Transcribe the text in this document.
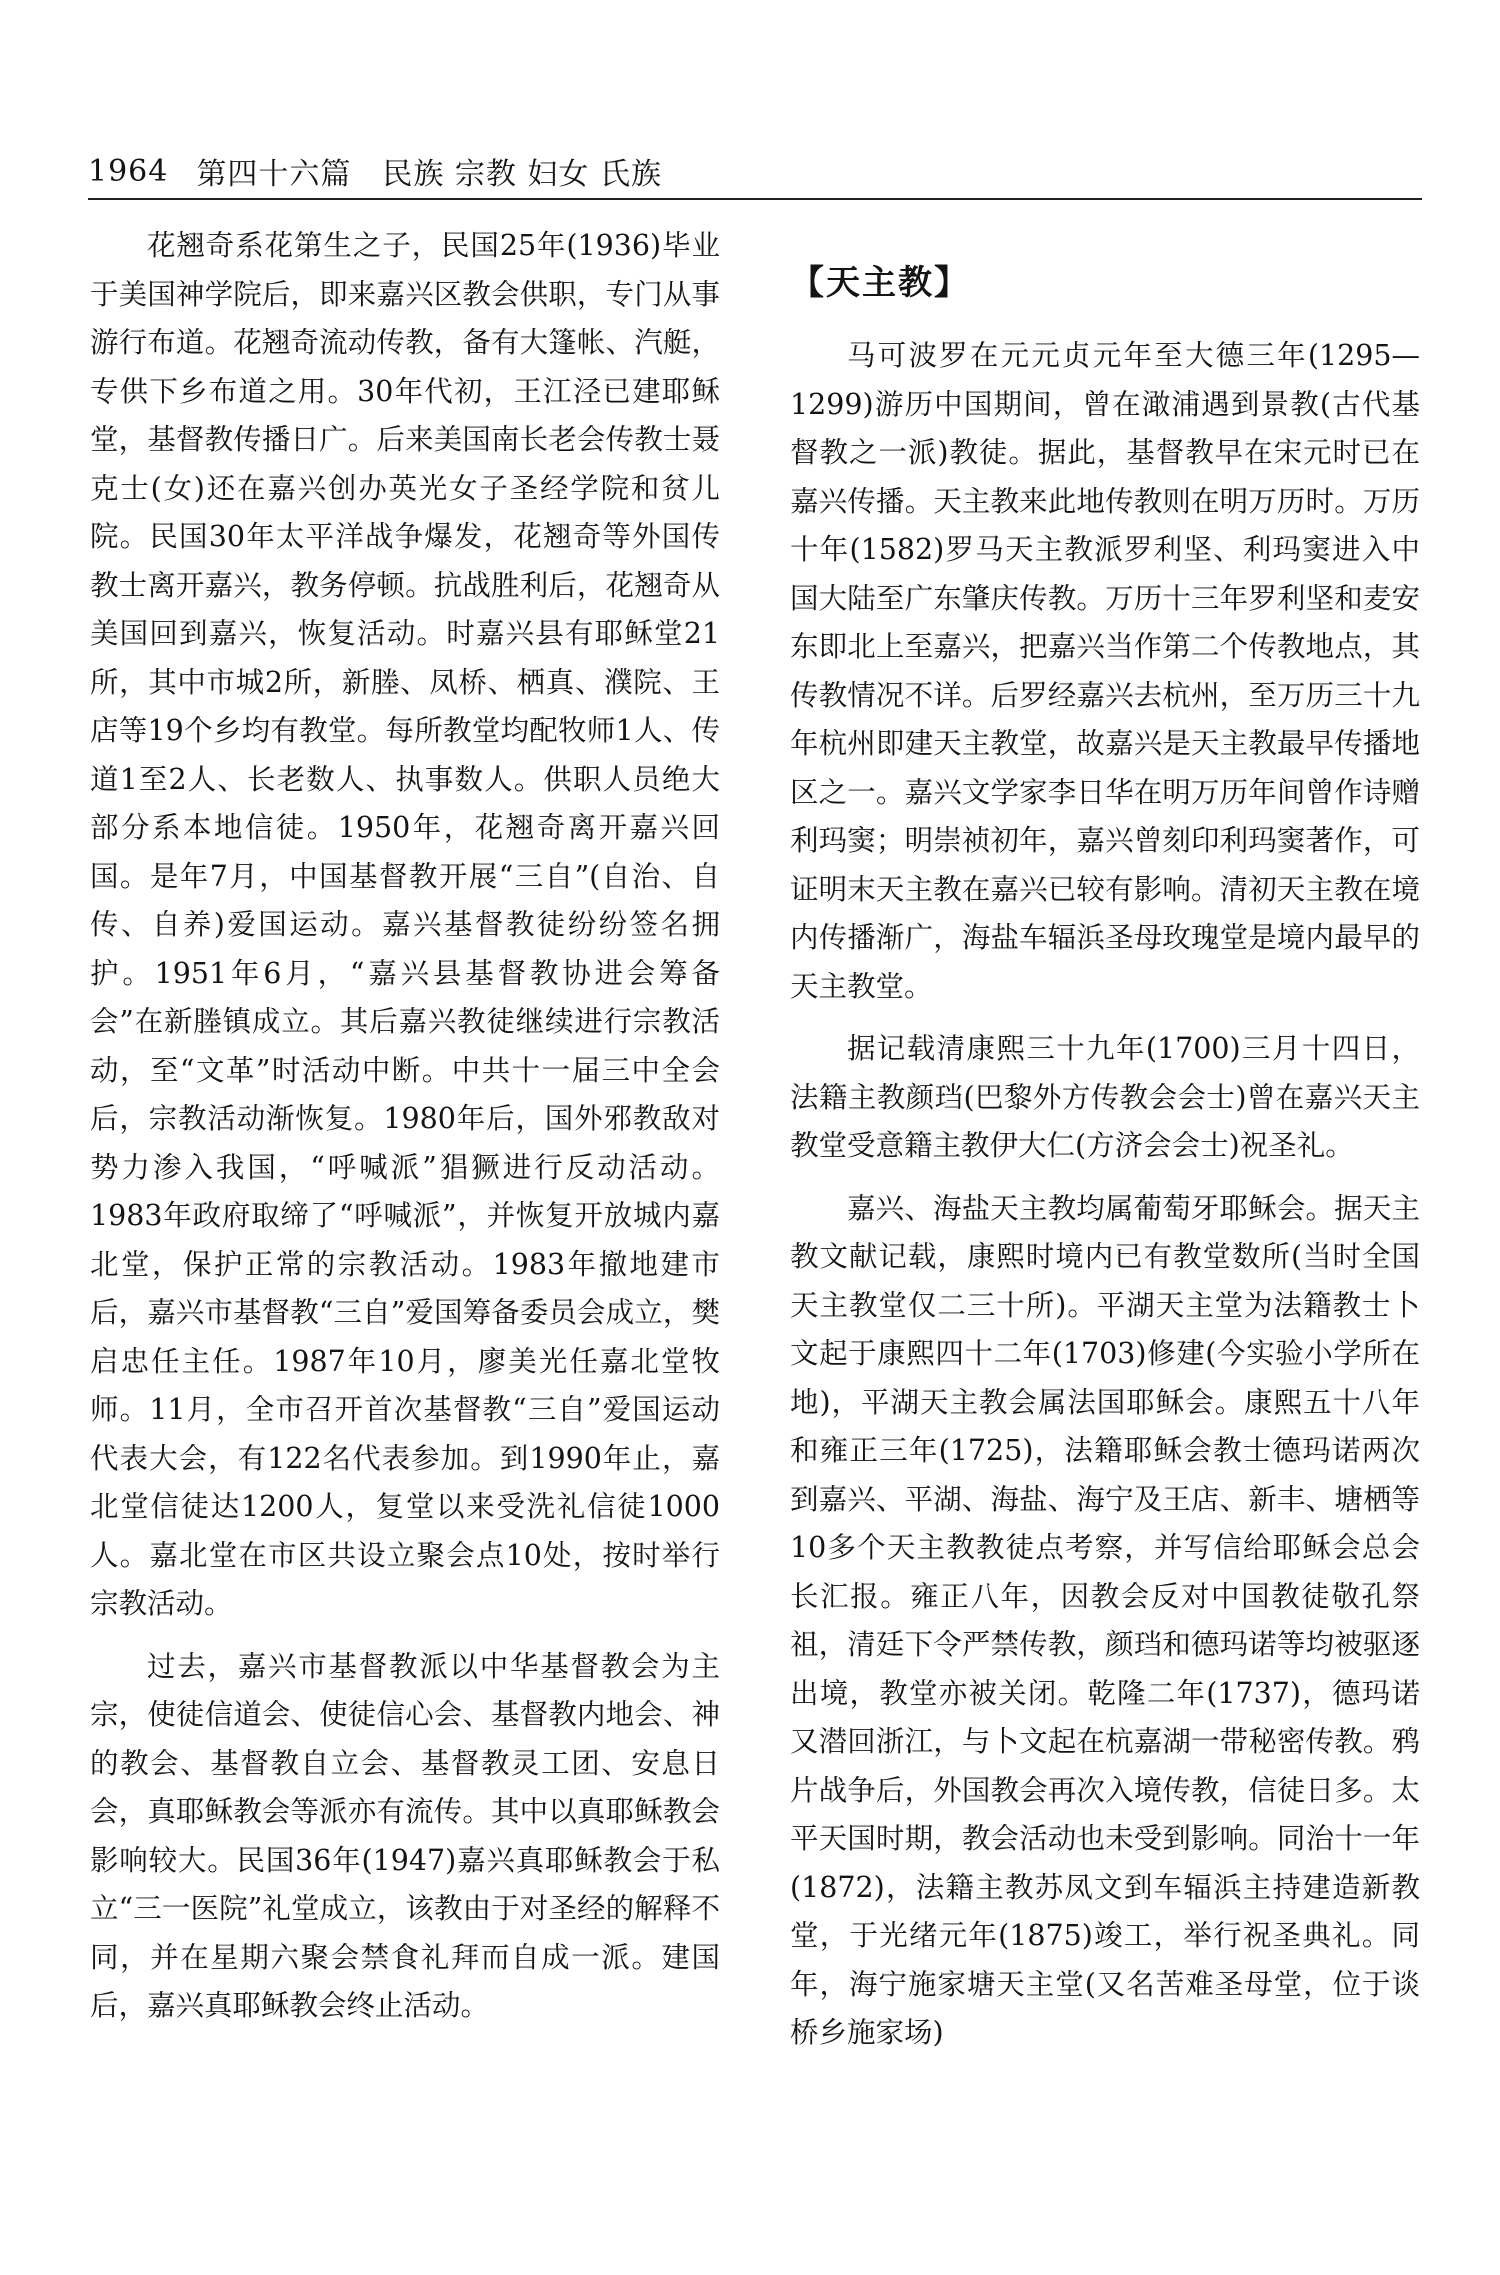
1964 第四十六篇　民族 宗教 妇女 氏族

花翘奇系花第生之子，民国25年(1936)毕业于美国神学院后，即来嘉兴区教会供职，专门从事游行布道。花翘奇流动传教，备有大篷帐、汽艇，专供下乡布道之用。30年代初，王江泾已建耶稣堂，基督教传播日广。后来美国南长老会传教士聂克士(女)还在嘉兴创办英光女子圣经学院和贫儿院。民国30年太平洋战争爆发，花翘奇等外国传教士离开嘉兴，教务停顿。抗战胜利后，花翘奇从美国回到嘉兴，恢复活动。时嘉兴县有耶稣堂21所，其中市城2所，新塍、凤桥、栖真、濮院、王店等19个乡均有教堂。每所教堂均配牧师1人、传道1至2人、长老数人、执事数人。供职人员绝大部分系本地信徒。1950年，花翘奇离开嘉兴回国。是年7月，中国基督教开展“三自”(自治、自传、自养)爱国运动。嘉兴基督教徒纷纷签名拥护。1951年6月，“嘉兴县基督教协进会筹备会”在新塍镇成立。其后嘉兴教徒继续进行宗教活动，至“文革”时活动中断。中共十一届三中全会后，宗教活动渐恢复。1980年后，国外邪教敌对势力渗入我国，“呼喊派”猖獗进行反动活动。1983年政府取缔了“呼喊派”，并恢复开放城内嘉北堂，保护正常的宗教活动。1983年撤地建市后，嘉兴市基督教“三自”爱国筹备委员会成立，樊启忠任主任。1987年10月，廖美光任嘉北堂牧师。11月，全市召开首次基督教“三自”爱国运动代表大会，有122名代表参加。到1990年止，嘉北堂信徒达1200人，复堂以来受洗礼信徒1000人。嘉北堂在市区共设立聚会点10处，按时举行宗教活动。

过去，嘉兴市基督教派以中华基督教会为主宗，使徒信道会、使徒信心会、基督教内地会、神的教会、基督教自立会、基督教灵工团、安息日会，真耶稣教会等派亦有流传。其中以真耶稣教会影响较大。民国36年(1947)嘉兴真耶稣教会于私立“三一医院”礼堂成立，该教由于对圣经的解释不同，并在星期六聚会禁食礼拜而自成一派。建国后，嘉兴真耶稣教会终止活动。

【天主教】

马可波罗在元元贞元年至大德三年(1295—1299)游历中国期间，曾在澉浦遇到景教(古代基督教之一派)教徒。据此，基督教早在宋元时已在嘉兴传播。天主教来此地传教则在明万历时。万历十年(1582)罗马天主教派罗利坚、利玛窦进入中国大陆至广东肇庆传教。万历十三年罗利坚和麦安东即北上至嘉兴，把嘉兴当作第二个传教地点，其传教情况不详。后罗经嘉兴去杭州，至万历三十九年杭州即建天主教堂，故嘉兴是天主教最早传播地区之一。嘉兴文学家李日华在明万历年间曾作诗赠利玛窦；明崇祯初年，嘉兴曾刻印利玛窦著作，可证明末天主教在嘉兴已较有影响。清初天主教在境内传播渐广，海盐车辐浜圣母玫瑰堂是境内最早的天主教堂。

据记载清康熙三十九年(1700)三月十四日，法籍主教颜珰(巴黎外方传教会会士)曾在嘉兴天主教堂受意籍主教伊大仁(方济会会士)祝圣礼。

嘉兴、海盐天主教均属葡萄牙耶稣会。据天主教文献记载，康熙时境内已有教堂数所(当时全国天主教堂仅二三十所)。平湖天主堂为法籍教士卜文起于康熙四十二年(1703)修建(今实验小学所在地)，平湖天主教会属法国耶稣会。康熙五十八年和雍正三年(1725)，法籍耶稣会教士德玛诺两次到嘉兴、平湖、海盐、海宁及王店、新丰、塘栖等10多个天主教教徒点考察，并写信给耶稣会总会长汇报。雍正八年，因教会反对中国教徒敬孔祭祖，清廷下令严禁传教，颜珰和德玛诺等均被驱逐出境，教堂亦被关闭。乾隆二年(1737)，德玛诺又潜回浙江，与卜文起在杭嘉湖一带秘密传教。鸦片战争后，外国教会再次入境传教，信徒日多。太平天国时期，教会活动也未受到影响。同治十一年(1872)，法籍主教苏凤文到车辐浜主持建造新教堂，于光绪元年(1875)竣工，举行祝圣典礼。同年，海宁施家塘天主堂(又名苦难圣母堂，位于谈桥乡施家场)
